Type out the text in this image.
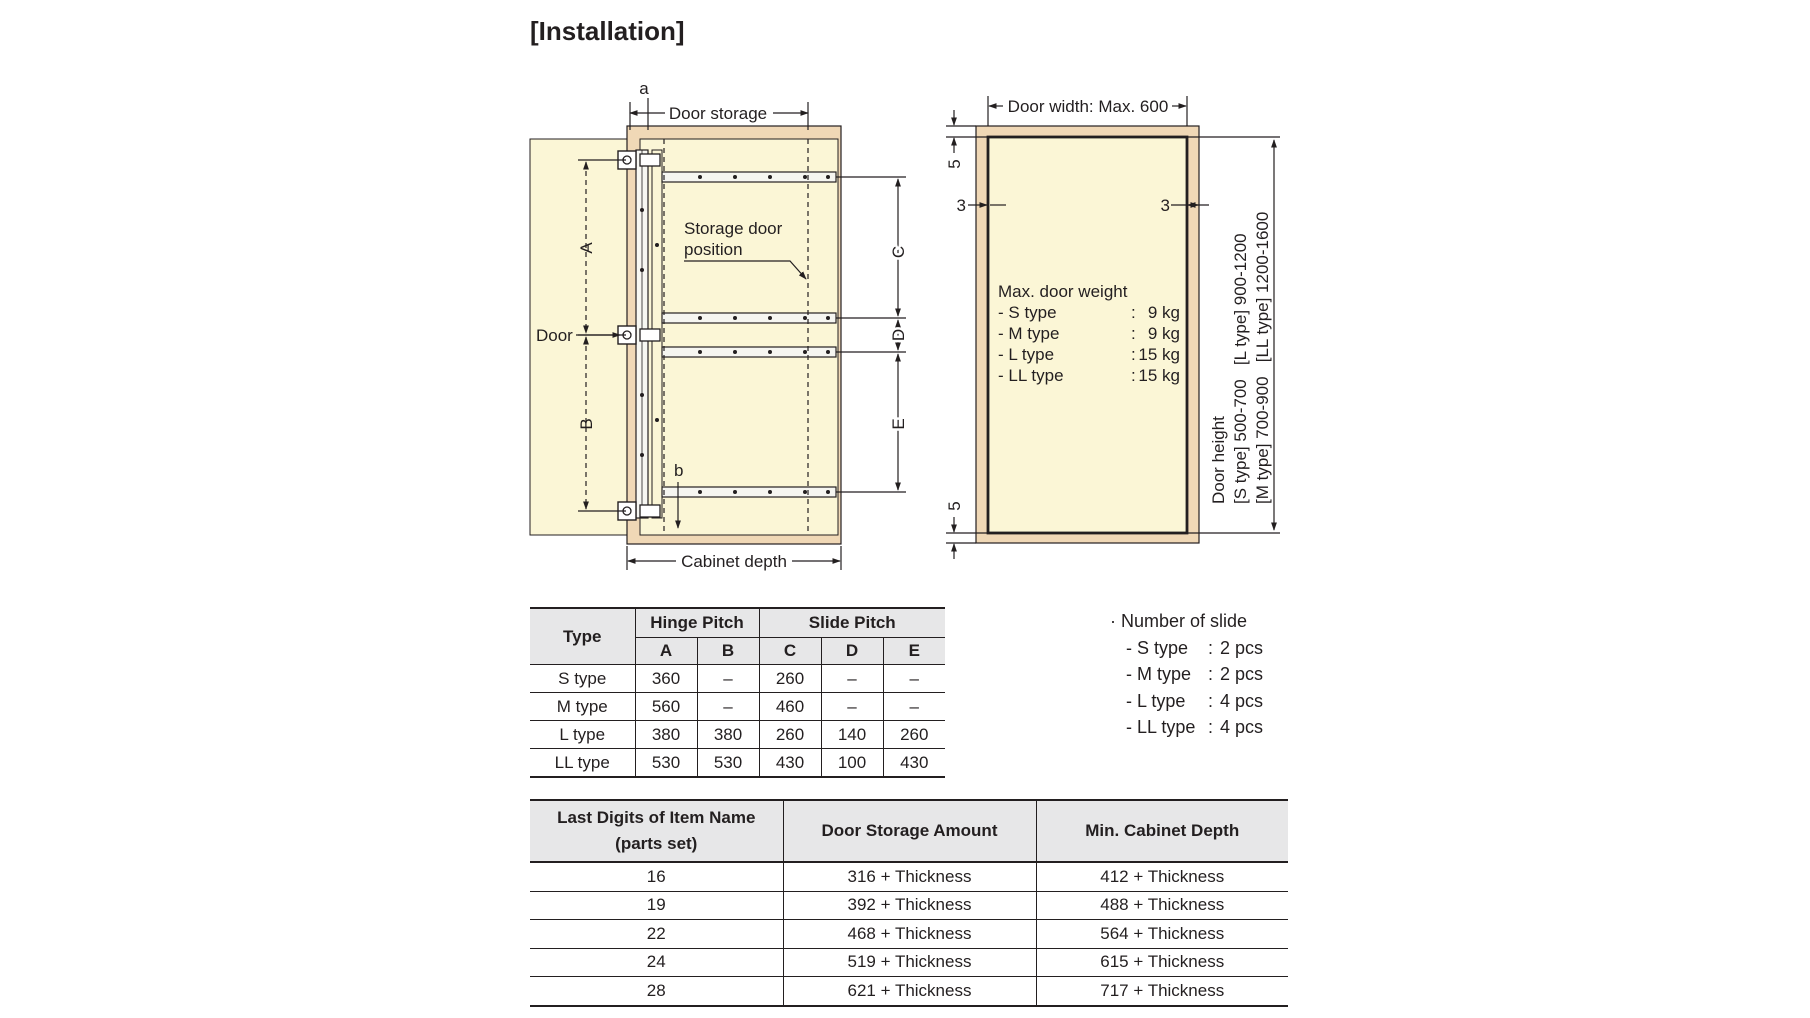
[Installation]
a
Door storage
Storage door
position
A
B
Door
C
D
E
b
Cabinet depth
Door width: Max. 600
5
5
3	3
Max. door weight
- S type	: 9 kg
- M type	: 9 kg
- L type	: 15 kg
- LL type	: 15 kg
Door height [S type] 500-700   [L type] 900-1200 [M type] 700-900   [LL type] 1200-1600
Type	Hinge Pitch		Slide Pitch		
	A	B	C	D	E
S type	360	–	260	–	–
M type	560	–	460	–	–
L type	380	380	260	140	260
LL type	530	530	430	100	430
· Number of slide
- S type	: 2 pcs
- M type : 2 pcs
- L type	: 4 pcs
- LL type : 4 pcs
Last Digits of Item Name
(parts set)	Door Storage Amount	Min. Cabinet Depth
16	316 + Thickness	412 + Thickness
19	392 + Thickness	488 + Thickness
22	468 + Thickness	564 + Thickness
24	519 + Thickness	615 + Thickness
28	621 + Thickness	717 + Thickness
